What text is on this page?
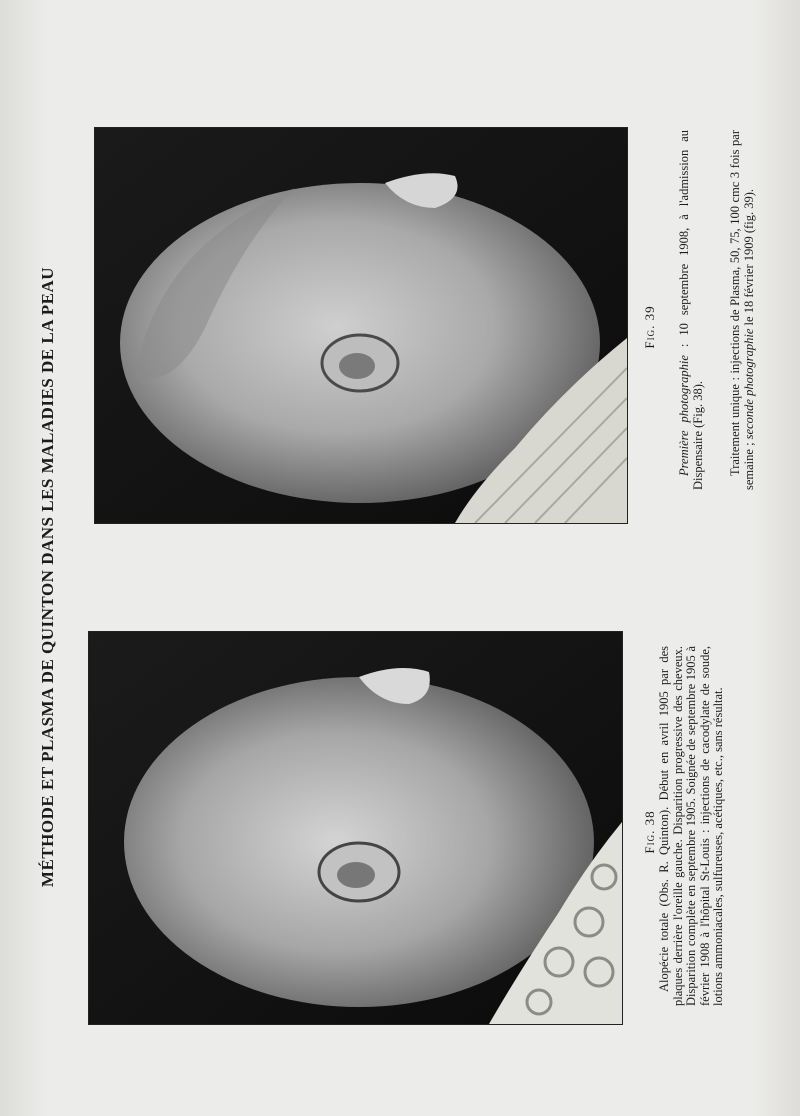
MÉTHODE ET PLASMA DE QUINTON DANS LES MALADIES DE LA PEAU	Fig. 39
Fig. 38 Alopécie totale (Obs. R. Quinton). Début en avril 1905 par des plaques derrière l'oreille gauche. Disparition progressive des cheveux. Disparition complète en septembre 1905. Soignée de septembre 1905 à février 1908 à l'hôpital St-Louis : injections de cacodylate de soude, lotions ammoniacales, sulfureuses, acétiques, etc., sans résultat.

Première photographie : 10 septembre 1908, à l'admission au Dispensaire (Fig. 38). Traitement unique : injections de Plasma, 50, 75, 100 cmc 3 fois par semaine ; seconde photographie le 18 février 1909 (fig. 39).
